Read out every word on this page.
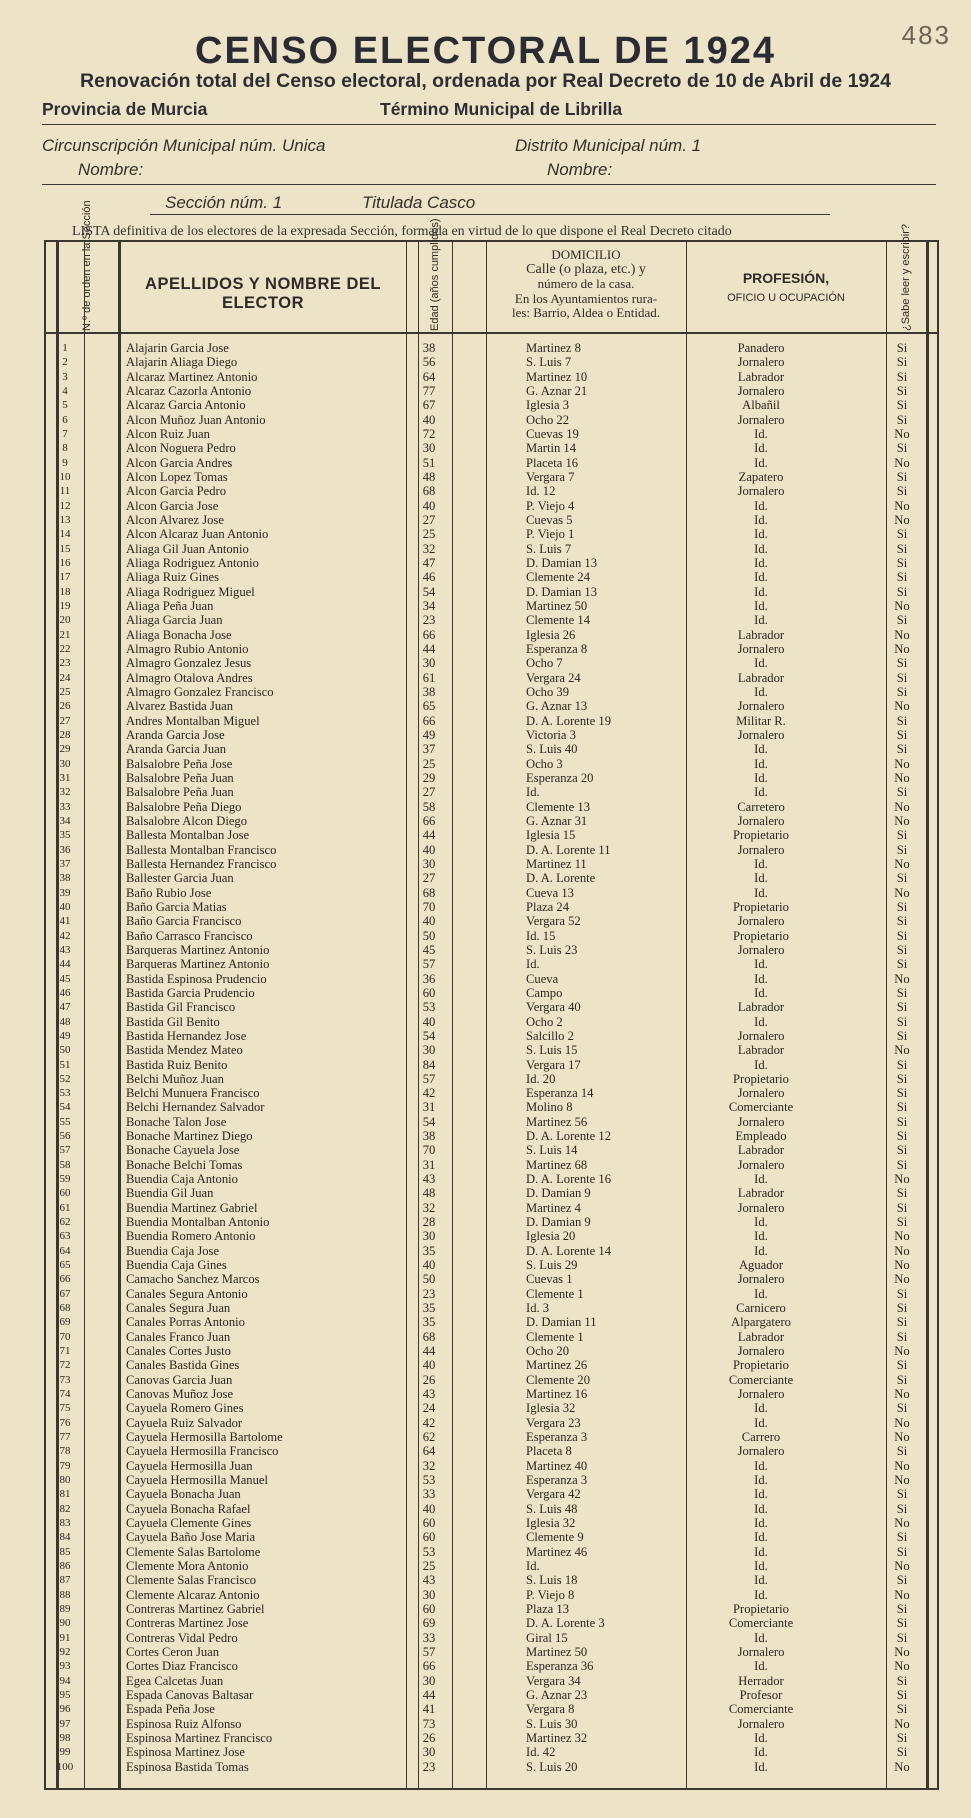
483
CENSO ELECTORAL DE 1924
Renovación total del Censo electoral, ordenada por Real Decreto de 10 de Abril de 1924
Provincia de Murcia	Término Municipal de Librilla
Circunscripción Municipal núm. Unica	Distrito Municipal núm. 1
Nombre:	Nombre:
Sección núm. 1	Titulada Casco
LISTA definitiva de los electores de la expresada Sección, formada en virtud de lo que dispone el Real Decreto citado
N.º de orden en la Sección	APELLIDOS Y NOMBRE DEL ELECTOR	Edad (años cumplidos)	DOMICILIO
Calle (o plaza, etc.) y
número de la casa.
En los Ayuntamientos rura-
les: Barrio, Aldea o Entidad.
PROFESIÓN,
OFICIO U OCUPACIÓN	¿Sabe leer y escribir?
1	Alajarin Garcia Jose	38	Martinez 8	Panadero	Si
2	Alajarin Aliaga Diego	56	S. Luis 7	Jornalero	Si
3	Alcaraz Martinez Antonio	64	Martinez 10	Labrador	Si
4	Alcaraz Cazorla Antonio	77	G. Aznar 21	Jornalero	Si
5	Alcaraz Garcia Antonio	67	Iglesia 3	Albañil	Si
6	Alcon Muñoz Juan Antonio	40	Ocho 22	Jornalero	Si
7	Alcon Ruiz Juan	72	Cuevas 19	Id.	No
8	Alcon Noguera Pedro	30	Martin 14	Id.	Si
9	Alcon Garcia Andres	51	Placeta 16	Id.	No
10	Alcon Lopez Tomas	48	Vergara 7	Zapatero	Si
11	Alcon Garcia Pedro	68	Id. 12	Jornalero	Si
12	Alcon Garcia Jose	40	P. Viejo 4	Id.	No
13	Alcon Alvarez Jose	27	Cuevas 5	Id.	No
14	Alcon Alcaraz Juan Antonio	25	P. Viejo 1	Id.	Si
15	Aliaga Gil Juan Antonio	32	S. Luis 7	Id.	Si
16	Aliaga Rodriguez Antonio	47	D. Damian 13	Id.	Si
17	Aliaga Ruiz Gines	46	Clemente 24	Id.	Si
18	Aliaga Rodriguez Miguel	54	D. Damian 13	Id.	Si
19	Aliaga Peña Juan	34	Martinez 50	Id.	No
20	Aliaga Garcia Juan	23	Clemente 14	Id.	Si
21	Aliaga Bonacha Jose	66	Iglesia 26	Labrador	No
22	Almagro Rubio Antonio	44	Esperanza 8	Jornalero	No
23	Almagro Gonzalez Jesus	30	Ocho 7	Id.	Si
24	Almagro Otalova Andres	61	Vergara 24	Labrador	Si
25	Almagro Gonzalez Francisco	38	Ocho 39	Id.	Si
26	Alvarez Bastida Juan	65	G. Aznar 13	Jornalero	No
27	Andres Montalban Miguel	66	D. A. Lorente 19	Militar R.	Si
28	Aranda Garcia Jose	49	Victoria 3	Jornalero	Si
29	Aranda Garcia Juan	37	S. Luis 40	Id.	Si
30	Balsalobre Peña Jose	25	Ocho 3	Id.	No
31	Balsalobre Peña Juan	29	Esperanza 20	Id.	No
32	Balsalobre Peña Juan	27	Id.	Id.	Si
33	Balsalobre Peña Diego	58	Clemente 13	Carretero	No
34	Balsalobre Alcon Diego	66	G. Aznar 31	Jornalero	No
35	Ballesta Montalban Jose	44	Iglesia 15	Propietario	Si
36	Ballesta Montalban Francisco	40	D. A. Lorente 11	Jornalero	Si
37	Ballesta Hernandez Francisco	30	Martinez 11	Id.	No
38	Ballester Garcia Juan	27	D. A. Lorente	Id.	Si
39	Baño Rubio Jose	68	Cueva 13	Id.	No
40	Baño Garcia Matias	70	Plaza 24	Propietario	Si
41	Baño Garcia Francisco	40	Vergara 52	Jornalero	Si
42	Baño Carrasco Francisco	50	Id. 15	Propietario	Si
43	Barqueras Martinez Antonio	45	S. Luis 23	Jornalero	Si
44	Barqueras Martinez Antonio	57	Id.	Id.	Si
45	Bastida Espinosa Prudencio	36	Cueva	Id.	No
46	Bastida Garcia Prudencio	60	Campo	Id.	Si
47	Bastida Gil Francisco	53	Vergara 40	Labrador	Si
48	Bastida Gil Benito	40	Ocho 2	Id.	Si
49	Bastida Hernandez Jose	54	Salcillo 2	Jornalero	Si
50	Bastida Mendez Mateo	30	S. Luis 15	Labrador	No
51	Bastida Ruiz Benito	84	Vergara 17	Id.	Si
52	Belchi Muñoz Juan	57	Id. 20	Propietario	Si
53	Belchi Munuera Francisco	42	Esperanza 14	Jornalero	Si
54	Belchi Hernandez Salvador	31	Molino 8	Comerciante	Si
55	Bonache Talon Jose	54	Martinez 56	Jornalero	Si
56	Bonache Martinez Diego	38	D. A. Lorente 12	Empleado	Si
57	Bonache Cayuela Jose	70	S. Luis 14	Labrador	Si
58	Bonache Belchi Tomas	31	Martinez 68	Jornalero	Si
59	Buendia Caja Antonio	43	D. A. Lorente 16	Id.	No
60	Buendia Gil Juan	48	D. Damian 9	Labrador	Si
61	Buendia Martinez Gabriel	32	Martinez 4	Jornalero	Si
62	Buendia Montalban Antonio	28	D. Damian 9	Id.	Si
63	Buendia Romero Antonio	30	Iglesia 20	Id.	No
64	Buendia Caja Jose	35	D. A. Lorente 14	Id.	No
65	Buendia Caja Gines	40	S. Luis 29	Aguador	No
66	Camacho Sanchez Marcos	50	Cuevas 1	Jornalero	No
67	Canales Segura Antonio	23	Clemente 1	Id.	Si
68	Canales Segura Juan	35	Id. 3	Carnicero	Si
69	Canales Porras Antonio	35	D. Damian 11	Alpargatero	Si
70	Canales Franco Juan	68	Clemente 1	Labrador	Si
71	Canales Cortes Justo	44	Ocho 20	Jornalero	No
72	Canales Bastida Gines	40	Martinez 26	Propietario	Si
73	Canovas Garcia Juan	26	Clemente 20	Comerciante	Si
74	Canovas Muñoz Jose	43	Martinez 16	Jornalero	No
75	Cayuela Romero Gines	24	Iglesia 32	Id.	Si
76	Cayuela Ruiz Salvador	42	Vergara 23	Id.	No
77	Cayuela Hermosilla Bartolome	62	Esperanza 3	Carrero	No
78	Cayuela Hermosilla Francisco	64	Placeta 8	Jornalero	Si
79	Cayuela Hermosilla Juan	32	Martinez 40	Id.	No
80	Cayuela Hermosilla Manuel	53	Esperanza 3	Id.	No
81	Cayuela Bonacha Juan	33	Vergara 42	Id.	Si
82	Cayuela Bonacha Rafael	40	S. Luis 48	Id.	Si
83	Cayuela Clemente Gines	60	Iglesia 32	Id.	No
84	Cayuela Baño Jose Maria	60	Clemente 9	Id.	Si
85	Clemente Salas Bartolome	53	Martinez 46	Id.	Si
86	Clemente Mora Antonio	25	Id.	Id.	No
87	Clemente Salas Francisco	43	S. Luis 18	Id.	Si
88	Clemente Alcaraz Antonio	30	P. Viejo 8	Id.	No
89	Contreras Martinez Gabriel	60	Plaza 13	Propietario	Si
90	Contreras Martinez Jose	69	D. A. Lorente 3	Comerciante	Si
91	Contreras Vidal Pedro	33	Giral 15	Id.	Si
92	Cortes Ceron Juan	57	Martinez 50	Jornalero	No
93	Cortes Diaz Francisco	66	Esperanza 36	Id.	No
94	Egea Calcetas Juan	30	Vergara 34	Herrador	Si
95	Espada Canovas Baltasar	44	G. Aznar 23	Profesor	Si
96	Espada Peña Jose	41	Vergara 8	Comerciante	Si
97	Espinosa Ruiz Alfonso	73	S. Luis 30	Jornalero	No
98	Espinosa Martinez Francisco	26	Martinez 32	Id.	Si
99	Espinosa Martinez Jose	30	Id. 42	Id.	Si
100	Espinosa Bastida Tomas	23	S. Luis 20	Id.	No
